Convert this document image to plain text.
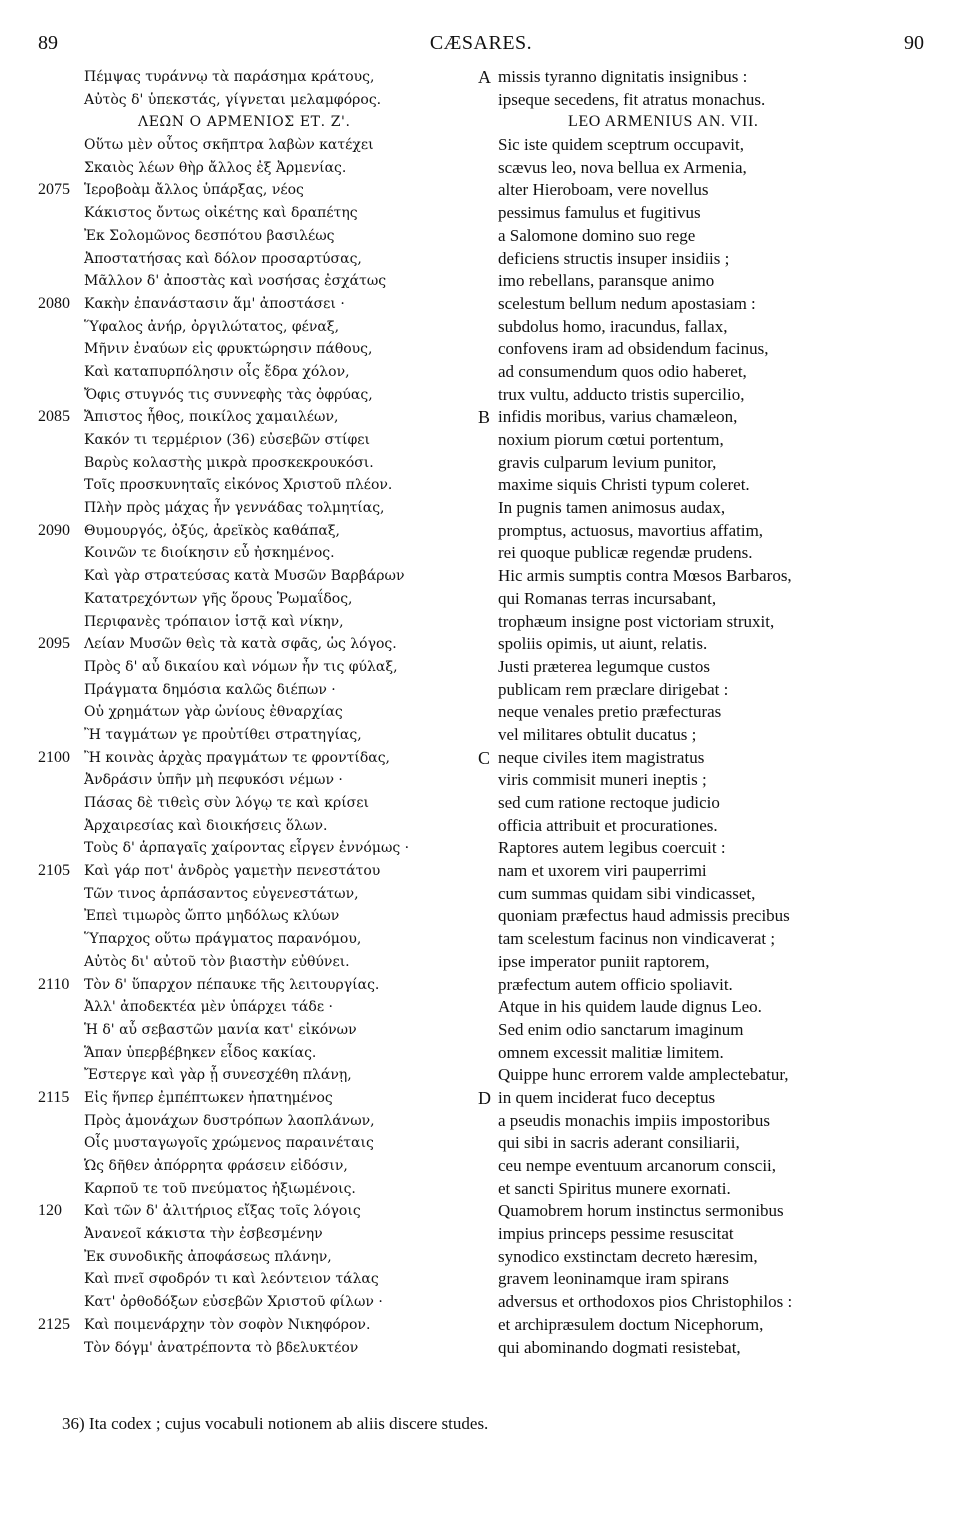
89	CÆSARES.	90
Πέμψας τυράννῳ τὰ παράσημα κράτους,
Αὐτὸς δ' ὑπεκστάς, γίγνεται μελαμφόρος.
ΛΕΩΝ Ο ΑΡΜΕΝΙΟΣ ΕΤ. Ζ'.
Οὕτω μὲν οὗτος σκῆπτρα λαβὼν κατέχει
Σκαιὸς λέων θὴρ ἄλλος ἐξ Ἀρμενίας.
2075 Ἱεροβοὰμ ἄλλος ὑπάρξας, νέος
Κάκιστος ὄντως οἰκέτης καὶ δραπέτης
Ἐκ Σολομῶνος δεσπότου βασιλέως
Ἀποστατήσας καὶ δόλον προσαρτύσας,
Μᾶλλον δ' ἀποστὰς καὶ νοσήσας ἐσχάτως
2080 Κακὴν ἐπανάστασιν ἅμ' ἀποστάσει ·
Ὕφαλος ἀνήρ, ὀργιλώτατος, φέναξ,
Μῆνιν ἐναύων εἰς φρυκτώρησιν πάθους,
Καὶ καταπυρπόλησιν οἷς ἔδρα χόλον,
Ὄφις στυγνός τις συννεφὴς τὰς ὀφρύας,
2085 Ἄπιστος ἦθος, ποικίλος χαμαιλέων,
Κακόν τι τερμέριον (36) εὐσεβῶν στίφει
Βαρὺς κολαστὴς μικρὰ προσκεκρουκόσι.
Τοῖς προσκυνηταῖς εἰκόνος Χριστοῦ πλέον.
Πλὴν πρὸς μάχας ἦν γεννάδας τολμητίας,
2090 Θυμουργός, ὀξύς, ἀρεϊκὸς καθάπαξ,
Κοινῶν τε διοίκησιν εὖ ἠσκημένος.
Καὶ γὰρ στρατεύσας κατὰ Μυσῶν Βαρβάρων
Κατατρεχόντων γῆς ὅρους Ῥωμαΐδος,
Περιφανὲς τρόπαιον ἱστᾷ καὶ νίκην,
2095 Λείαν Μυσῶν θεὶς τὰ κατὰ σφᾶς, ὡς λόγος.
Πρὸς δ' αὖ δικαίου καὶ νόμων ἦν τις φύλαξ,
Πράγματα δημόσια καλῶς διέπων ·
Οὐ χρημάτων γὰρ ὠνίους ἐθναρχίας
Ἢ ταγμάτων γε προὐτίθει στρατηγίας,
2100 Ἢ κοινὰς ἀρχὰς πραγμάτων τε φροντίδας,
Ἀνδράσιν ὑπῆν μὴ πεφυκόσι νέμων ·
Πάσας δὲ τιθεὶς σὺν λόγῳ τε καὶ κρίσει
Ἀρχαιρεσίας καὶ διοικήσεις ὅλων.
Τοὺς δ' ἁρπαγαῖς χαίροντας εἶργεν ἐννόμως ·
2105 Καὶ γάρ ποτ' ἀνδρὸς γαμετὴν πενεστάτου
Τῶν τινος ἁρπάσαντος εὐγενεστάτων,
Ἐπεὶ τιμωρὸς ὤπτο μηδόλως κλύων
Ὕπαρχος οὕτω πράγματος παρανόμου,
Αὐτὸς δι' αὐτοῦ τὸν βιαστὴν εὐθύνει.
2110 Τὸν δ' ὕπαρχον πέπαυκε τῆς λειτουργίας.
Ἀλλ' ἀποδεκτέα μὲν ὑπάρχει τάδε ·
Ἡ δ' αὖ σεβαστῶν μανία κατ' εἰκόνων
Ἅπαν ὑπερβέβηκεν εἶδος κακίας.
Ἔστεργε καὶ γὰρ ᾗ συνεσχέθη πλάνῃ,
2115 Εἰς ἥνπερ ἐμπέπτωκεν ἠπατημένος
Πρὸς ἀμονάχων δυστρόπων λαοπλάνων,
Οἷς μυσταγωγοῖς χρώμενος παραινέταις
Ὡς δῆθεν ἀπόρρητα φράσειν εἰδόσιν,
Καρποῦ τε τοῦ πνεύματος ἠξιωμένοις.
120 Καὶ τῶν δ' ἀλιτήριος εἴξας τοῖς λόγοις
Ἀνανεοῖ κάκιστα τὴν ἐσβεσμένην
Ἐκ συνοδικῆς ἀποφάσεως πλάνην,
Καὶ πνεῖ σφοδρόν τι καὶ λεόντειον τάλας
Κατ' ὀρθοδόξων εὐσεβῶν Χριστοῦ φίλων ·
2125 Καὶ ποιμενάρχην τὸν σοφὸν Νικηφόρον.
Τὸν δόγμ' ἀνατρέποντα τὸ βδελυκτέον
A missis tyranno dignitatis insignibus :
ipseque secedens, fit atratus monachus.
LEO ARMENIUS AN. VII.
Sic iste quidem sceptrum occupavit,
scævus leo, nova bellua ex Armenia,
alter Hieroboam, vere novellus
pessimus famulus et fugitivus
a Salomone domino suo rege
deficiens structis insuper insidiis ;
imo rebellans, paransque animo
scelestum bellum nedum apostasiam :
subdolus homo, iracundus, fallax,
confovens iram ad obsidendum facinus,
ad consumendum quos odio haberet,
trux vultu, adducto tristis supercilio,
B infidis moribus, varius chamæleon,
noxium piorum cœtui portentum,
gravis culparum levium punitor,
maxime siquis Christi typum coleret.
In pugnis tamen animosus audax,
promptus, actuosus, mavortius affatim,
rei quoque publicæ regendæ prudens.
Hic armis sumptis contra Mœsos Barbaros,
qui Romanas terras incursabant,
trophæum insigne post victoriam struxit,
spoliis opimis, ut aiunt, relatis.
Justi præterea legumque custos
publicam rem præclare dirigebat :
neque venales pretio præfecturas
vel militares obtulit ducatus ;
C neque civiles item magistratus
viris commisit muneri ineptis ;
sed cum ratione rectoque judicio
officia attribuit et procurationes.
Raptores autem legibus coercuit :
nam et uxorem viri pauperrimi
cum summas quidam sibi vindicasset,
quoniam præfectus haud admissis precibus
tam scelestum facinus non vindicaverat ;
ipse imperator puniit raptorem,
præfectum autem officio spoliavit.
Atque in his quidem laude dignus Leo.
Sed enim odio sanctarum imaginum
omnem excessit malitiæ limitem.
Quippe hunc errorem valde amplectebatur,
D in quem inciderat fuco deceptus
a pseudis monachis impiis impostoribus
qui sibi in sacris aderant consiliarii,
ceu nempe eventuum arcanorum conscii,
et sancti Spiritus munere exornati.
Quamobrem horum instinctus sermonibus
impius princeps pessime resuscitat
synodico exstinctam decreto hæresim,
gravem leoninamque iram spirans
adversus et orthodoxos pios Christophilos :
et archipræsulem doctum Nicephorum,
qui abominando dogmati resistebat,
36) Ita codex ; cujus vocabuli notionem ab aliis discere studes.
